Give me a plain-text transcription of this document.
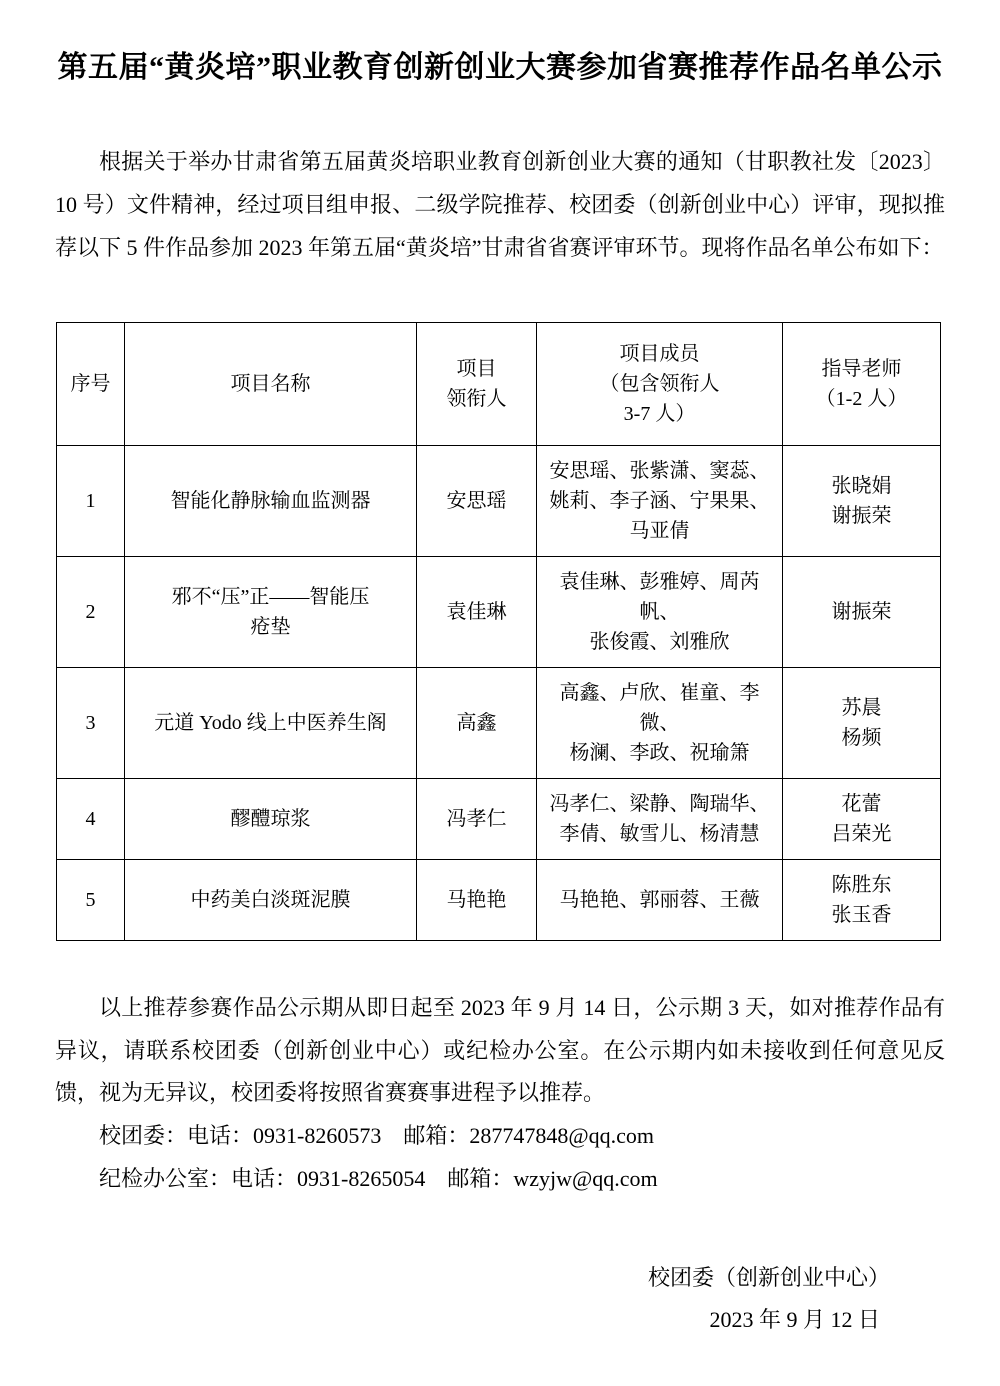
第五届“黄炎培”职业教育创新创业大赛参加省赛推荐作品名单公示

根据关于举办甘肃省第五届黄炎培职业教育创新创业大赛的通知（甘职教社发〔2023〕10 号）文件精神，经过项目组申报、二级学院推荐、校团委（创新创业中心）评审，现拟推荐以下 5 件作品参加 2023 年第五届“黄炎培”甘肃省省赛评审环节。现将作品名单公布如下：

序号	项目名称	项目
领衔人	项目成员
（包含领衔人
3-7 人）	指导老师
（1-2 人）

1	智能化静脉输血监测器	安思瑶	安思瑶、张紫潇、窦蕊、
姚莉、李子涵、宁果果、
马亚倩	张晓娟
谢振荣

2	邪不“压”正——智能压
疮垫	袁佳琳	袁佳琳、彭雅婷、周芮帆、
张俊霞、刘雅欣	谢振荣

3	元道 Yodo 线上中医养生阁	高鑫	高鑫、卢欣、崔童、李微、
杨澜、李政、祝瑜箫	苏晨
杨频

4	醪醴琼浆	冯孝仁	冯孝仁、梁静、陶瑞华、
李倩、敏雪儿、杨清慧	花蕾
吕荣光

5	中药美白淡斑泥膜	马艳艳	马艳艳、郭丽蓉、王薇	陈胜东
张玉香

以上推荐参赛作品公示期从即日起至 2023 年 9 月 14 日，公示期 3 天，如对推荐作品有异议，请联系校团委（创新创业中心）或纪检办公室。在公示期内如未接收到任何意见反馈，视为无异议，校团委将按照省赛赛事进程予以推荐。

校团委：电话：0931-8260573　邮箱：287747848@qq.com

纪检办公室：电话：0931-8265054　邮箱：wzyjw@qq.com

校团委（创新创业中心）
2023 年 9 月 12 日
